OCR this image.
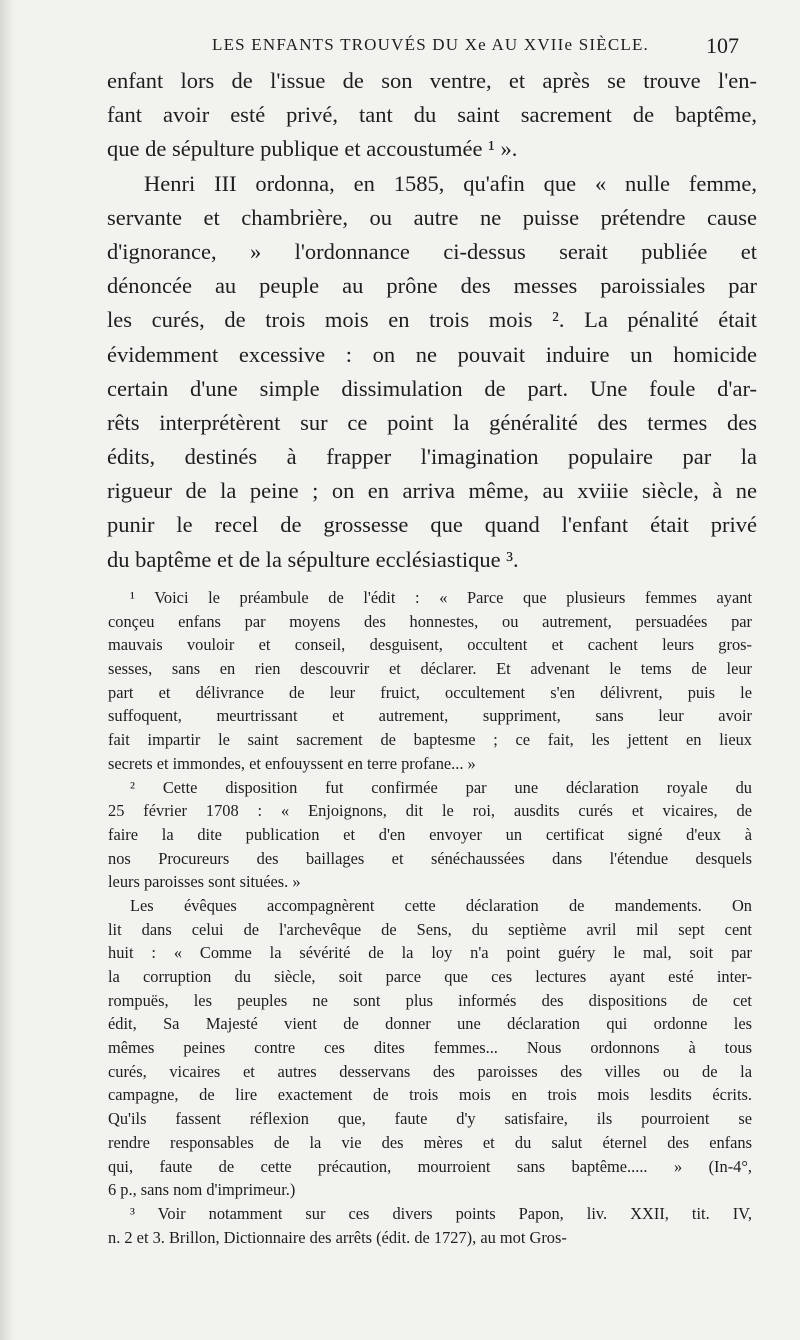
LES ENFANTS TROUVÉS DU Xe AU XVIIe SIÈCLE.	107
enfant lors de l'issue de son ventre, et après se trouve l'en-
fant avoir esté privé, tant du saint sacrement de baptême,
que de sépulture publique et accoustumée ¹ ».
Henri III ordonna, en 1585, qu'afin que « nulle femme,
servante et chambrière, ou autre ne puisse prétendre cause
d'ignorance, » l'ordonnance ci-dessus serait publiée et
dénoncée au peuple au prône des messes paroissiales par
les curés, de trois mois en trois mois ². La pénalité était
évidemment excessive : on ne pouvait induire un homicide
certain d'une simple dissimulation de part. Une foule d'ar-
rêts interprétèrent sur ce point la généralité des termes des
édits, destinés à frapper l'imagination populaire par la
rigueur de la peine ; on en arriva même, au xviiie siècle, à ne
punir le recel de grossesse que quand l'enfant était privé
du baptême et de la sépulture ecclésiastique ³.
¹ Voici le préambule de l'édit : « Parce que plusieurs femmes ayant
conçeu enfans par moyens des honnestes, ou autrement, persuadées par
mauvais vouloir et conseil, desguisent, occultent et cachent leurs gros-
sesses, sans en rien descouvrir et déclarer. Et advenant le tems de leur
part et délivrance de leur fruict, occultement s'en délivrent, puis le
suffoquent, meurtrissant et autrement, suppriment, sans leur avoir
fait impartir le saint sacrement de baptesme ; ce fait, les jettent en lieux
secrets et immondes, et enfouyssent en terre profane... »
² Cette disposition fut confirmée par une déclaration royale du
25 février 1708 : « Enjoignons, dit le roi, ausdits curés et vicaires, de
faire la dite publication et d'en envoyer un certificat signé d'eux à
nos Procureurs des baillages et sénéchaussées dans l'étendue desquels
leurs paroisses sont situées. »
Les évêques accompagnèrent cette déclaration de mandements. On
lit dans celui de l'archevêque de Sens, du septième avril mil sept cent
huit : « Comme la sévérité de la loy n'a point guéry le mal, soit par
la corruption du siècle, soit parce que ces lectures ayant esté inter-
rompuës, les peuples ne sont plus informés des dispositions de cet
édit, Sa Majesté vient de donner une déclaration qui ordonne les
mêmes peines contre ces dites femmes... Nous ordonnons à tous
curés, vicaires et autres desservans des paroisses des villes ou de la
campagne, de lire exactement de trois mois en trois mois lesdits écrits.
Qu'ils fassent réflexion que, faute d'y satisfaire, ils pourroient se
rendre responsables de la vie des mères et du salut éternel des enfans
qui, faute de cette précaution, mourroient sans baptême..... » (In-4°,
6 p., sans nom d'imprimeur.)
³ Voir notamment sur ces divers points Papon, liv. XXII, tit. IV,
n. 2 et 3. Brillon, Dictionnaire des arrêts (édit. de 1727), au mot Gros-
